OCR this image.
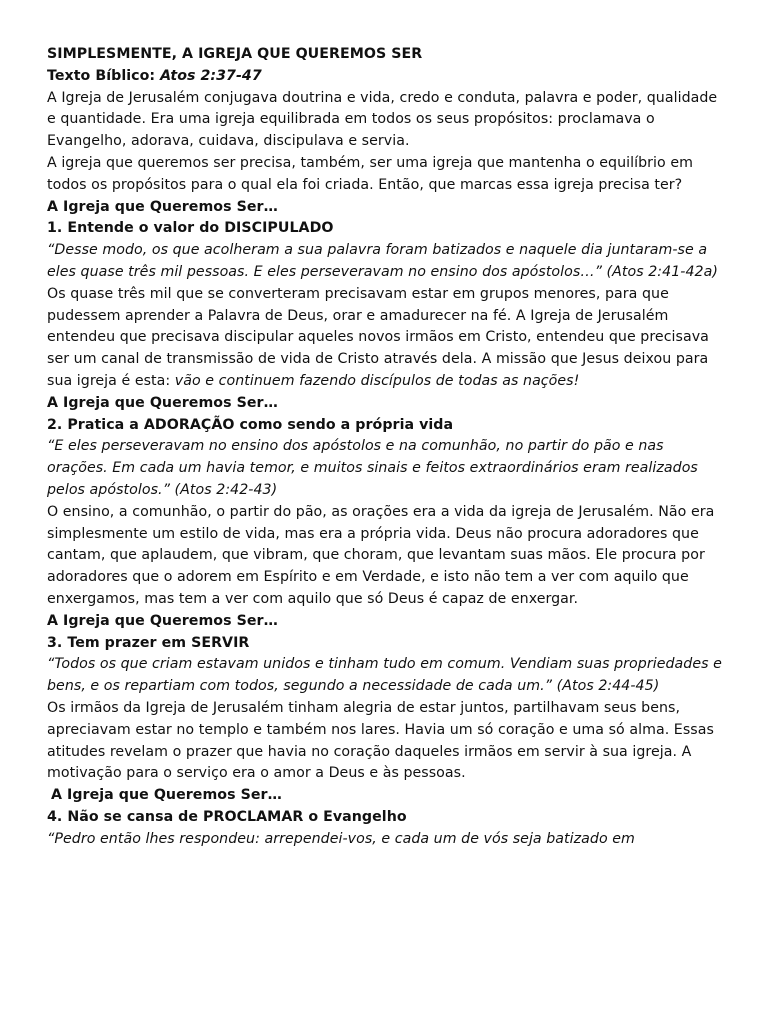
SIMPLESMENTE, A IGREJA QUE QUEREMOS SER

Texto Bíblico: Atos 2:37-47

A Igreja de Jerusalém conjugava doutrina e vida, credo e conduta, palavra e poder, qualidade e quantidade. Era uma igreja equilibrada em todos os seus propósitos: proclamava o Evangelho, adorava, cuidava, discipulava e servia.

A igreja que queremos ser precisa, também, ser uma igreja que mantenha o equilíbrio em todos os propósitos para o qual ela foi criada. Então, que marcas essa igreja precisa ter?

A Igreja que Queremos Ser…

1. Entende o valor do DISCIPULADO

“Desse modo, os que acolheram a sua palavra foram batizados e naquele dia juntaram-se a eles quase três mil pessoas. E eles perseveravam no ensino dos apóstolos…” (Atos 2:41-42a)

Os quase três mil que se converteram precisavam estar em grupos menores, para que pudessem aprender a Palavra de Deus, orar e amadurecer na fé. A Igreja de Jerusalém entendeu que precisava discipular aqueles novos irmãos em Cristo, entendeu que precisava ser um canal de transmissão de vida de Cristo através dela. A missão que Jesus deixou para sua igreja é esta: vão e continuem fazendo discípulos de todas as nações!

A Igreja que Queremos Ser…

2. Pratica a ADORAÇÃO como sendo a própria vida

“E eles perseveravam no ensino dos apóstolos e na comunhão, no partir do pão e nas orações. Em cada um havia temor, e muitos sinais e feitos extraordinários eram realizados pelos apóstolos.” (Atos 2:42-43)

O ensino, a comunhão, o partir do pão, as orações era a vida da igreja de Jerusalém. Não era simplesmente um estilo de vida, mas era a própria vida. Deus não procura adoradores que cantam, que aplaudem, que vibram, que choram, que levantam suas mãos. Ele procura por adoradores que o adorem em Espírito e em Verdade, e isto não tem a ver com aquilo que enxergamos, mas tem a ver com aquilo que só Deus é capaz de enxergar.

A Igreja que Queremos Ser…

3. Tem prazer em SERVIR

“Todos os que criam estavam unidos e tinham tudo em comum. Vendiam suas propriedades e bens, e os repartiam com todos, segundo a necessidade de cada um.” (Atos 2:44-45)

Os irmãos da Igreja de Jerusalém tinham alegria de estar juntos, partilhavam seus bens, apreciavam estar no templo e também nos lares. Havia um só coração e uma só alma. Essas atitudes revelam o prazer que havia no coração daqueles irmãos em servir à sua igreja. A motivação para o serviço era o amor a Deus e às pessoas.

A Igreja que Queremos Ser…

4. Não se cansa de PROCLAMAR o Evangelho

“Pedro então lhes respondeu: arrependei-vos, e cada um de vós seja batizado em
